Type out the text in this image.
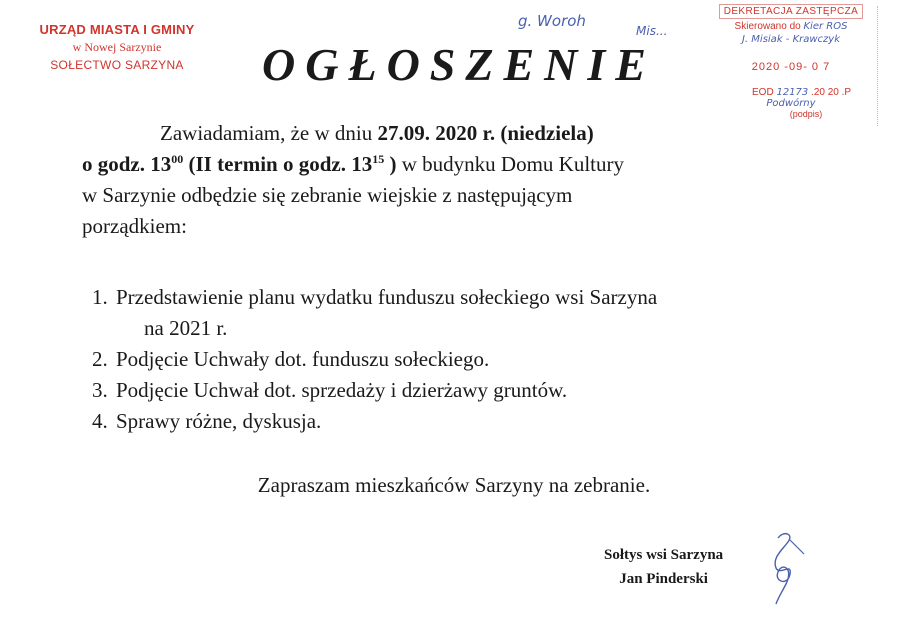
URZĄD MIASTA I GMINY
w Nowej Sarzynie
SOŁECTWO SARZYNA
g. Woroh
Mis...
DEKRETACJA ZASTĘPCZA
Skierowano do Kier ROS
J. Misiak - Krawczyk
2020 -09- 0 7
EOD 12173 .20 20 .P
Podwórny
(podpis)
OGŁOSZENIE
Zawiadamiam, że w dniu 27.09. 2020 r. (niedziela)
o godz. $13^{00}$ (II termin o godz. $13^{15}$ ) w budynku Domu Kultury
w Sarzynie odbędzie się zebranie wiejskie z następującym
porządkiem:
1. Przedstawienie planu wydatku funduszu sołeckiego wsi Sarzyna
na 2021 r.
2. Podjęcie Uchwały dot. funduszu sołeckiego.
3. Podjęcie Uchwał dot. sprzedaży i dzierżawy gruntów.
4. Sprawy różne, dyskusja.
Zapraszam mieszkańców Sarzyny na zebranie.
Sołtys wsi Sarzyna
Jan Pinderski
